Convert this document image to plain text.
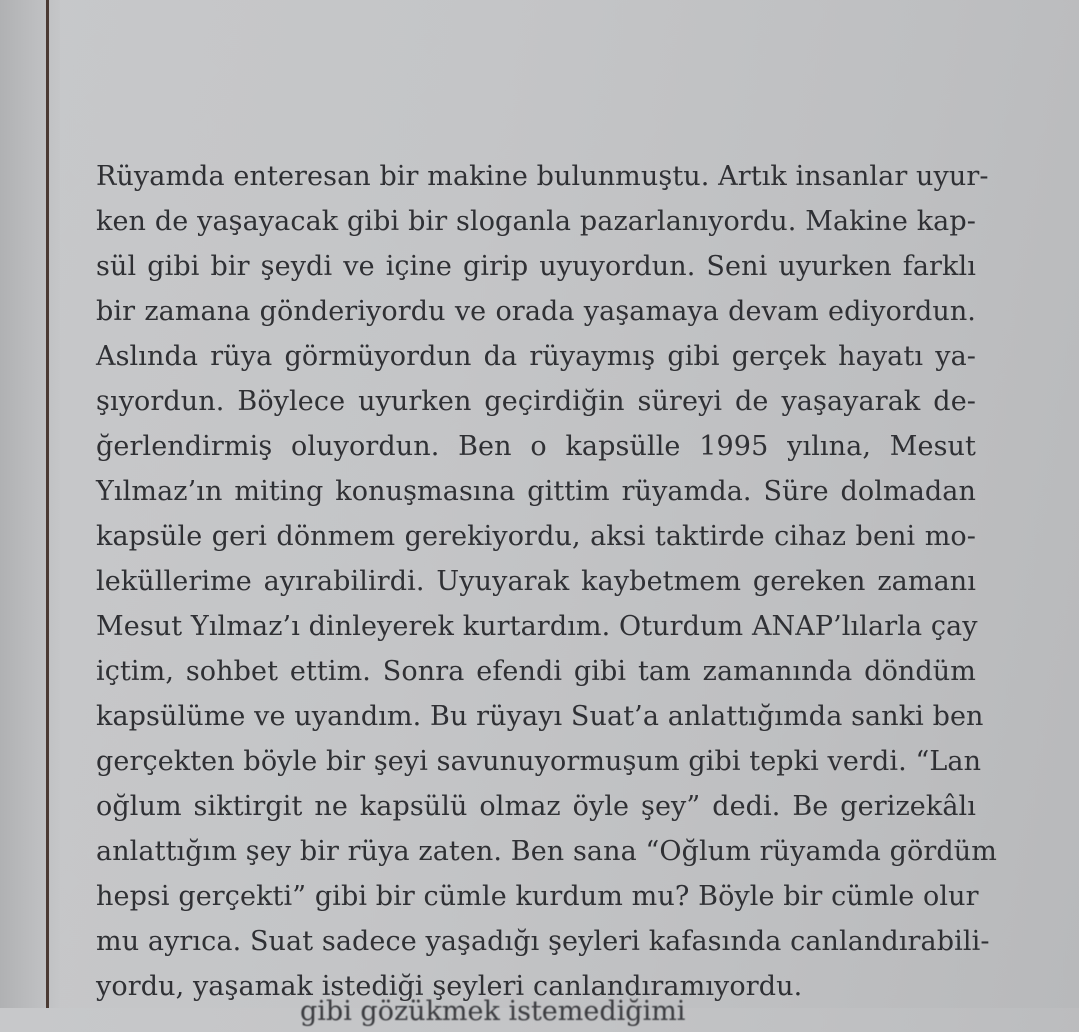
Rüyamda enteresan bir makine bulunmuştu. Artık insanlar uyur-
ken de yaşayacak gibi bir sloganla pazarlanıyordu. Makine kap-
sül gibi bir şeydi ve içine girip uyuyordun. Seni uyurken farklı
bir zamana gönderiyordu ve orada yaşamaya devam ediyordun.
Aslında rüya görmüyordun da rüyaymış gibi gerçek hayatı ya-
şıyordun. Böylece uyurken geçirdiğin süreyi de yaşayarak de-
ğerlendirmiş oluyordun. Ben o kapsülle 1995 yılına, Mesut
Yılmaz’ın miting konuşmasına gittim rüyamda. Süre dolmadan
kapsüle geri dönmem gerekiyordu, aksi taktirde cihaz beni mo-
leküllerime ayırabilirdi. Uyuyarak kaybetmem gereken zamanı
Mesut Yılmaz’ı dinleyerek kurtardım. Oturdum ANAP’lılarla çay
içtim, sohbet ettim. Sonra efendi gibi tam zamanında döndüm
kapsülüme ve uyandım. Bu rüyayı Suat’a anlattığımda sanki ben
gerçekten böyle bir şeyi savunuyormuşum gibi tepki verdi. “Lan
oğlum siktirgit ne kapsülü olmaz öyle şey” dedi. Be gerizekâlı
anlattığım şey bir rüya zaten. Ben sana “Oğlum rüyamda gördüm
hepsi gerçekti” gibi bir cümle kurdum mu? Böyle bir cümle olur
mu ayrıca. Suat sadece yaşadığı şeyleri kafasında canlandırabili-
yordu, yaşamak istediği şeyleri canlandıramıyordu.
gibi gözükmek istemediğimi
